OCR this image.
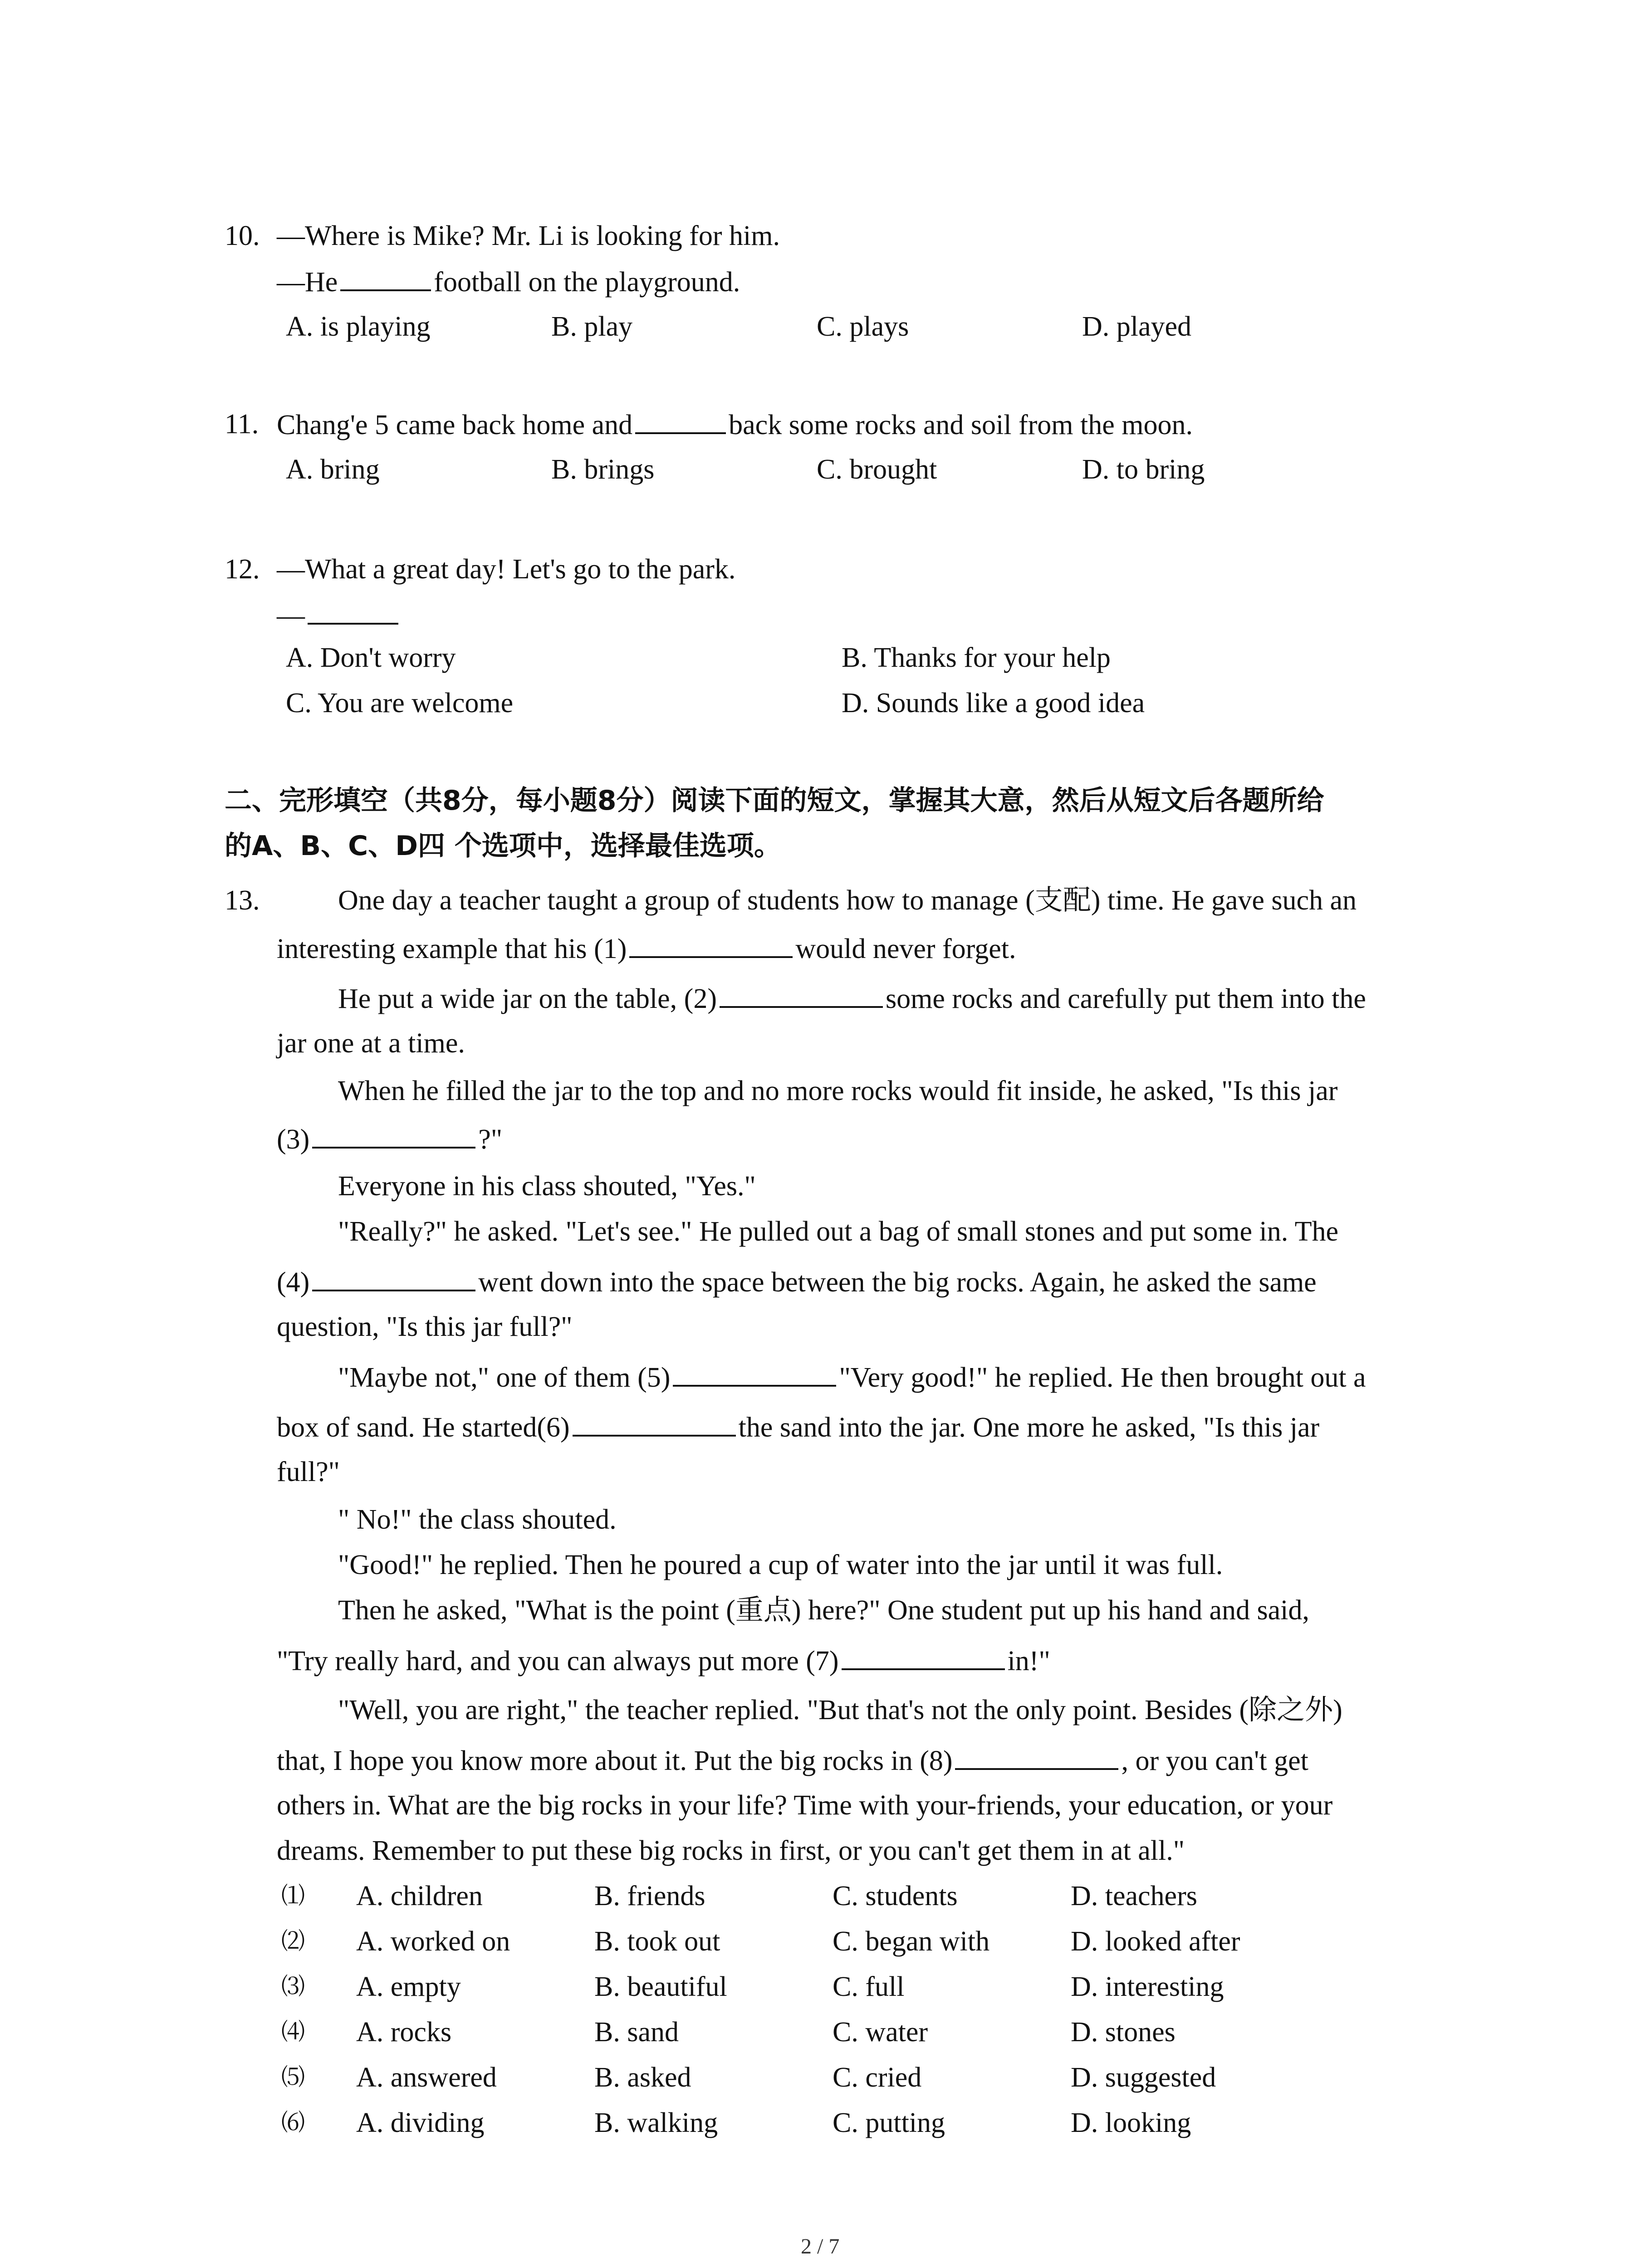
10. —Where is Mike? Mr. Li is looking for him.
—He	football on the playground.
A. is playing	B. play	C. plays	D. played
11. Chang'e 5 came back home and	back some rocks and soil from the moon.
A. bring	B. brings	C. brought	D. to bring
12. —What a great day! Let's go to the park.
—
A. Don't worry	B. Thanks for your help
C. You are welcome	D. Sounds like a good idea
二、完形填空（共8分，每小题8分）阅读下面的短文，掌握其大意，然后从短文后各题所给
的A、B、C、D四 个选项中，选择最佳选项。
13.	One day a teacher taught a group of students how to manage (支配) time. He gave such an
interesting example that his (1)	would never forget.
He put a wide jar on the table, (2)	some rocks and carefully put them into the
jar one at a time.
When he filled the jar to the top and no more rocks would fit inside, he asked, "Is this jar
(3)	?"
Everyone in his class shouted, "Yes."
"Really?" he asked. "Let's see." He pulled out a bag of small stones and put some in. The
(4)	went down into the space between the big rocks. Again, he asked the same
question, "Is this jar full?"
"Maybe not," one of them (5)	"Very good!" he replied. He then brought out a
box of sand. He started(6)	the sand into the jar. One more he asked, "Is this jar
full?"
" No!" the class shouted.
"Good!" he replied. Then he poured a cup of water into the jar until it was full.
Then he asked, "What is the point (重点) here?" One student put up his hand and said,
"Try really hard, and you can always put more (7)	in!"
"Well, you are right," the teacher replied. "But that's not the only point. Besides (除之外)
that, I hope you know more about it. Put the big rocks in (8)	, or you can't get
others in. What are the big rocks in your life? Time with your-friends, your education, or your
dreams. Remember to put these big rocks in first, or you can't get them in at all."
⑴ A. children	B. friends	C. students	D. teachers
⑵ A. worked on	B. took out	C. began with	D. looked after
⑶ A. empty	B. beautiful	C. full	D. interesting
⑷ A. rocks	B. sand	C. water	D. stones
⑸ A. answered	B. asked	C. cried	D. suggested
⑹ A. dividing	B. walking	C. putting	D. looking
2 / 7
